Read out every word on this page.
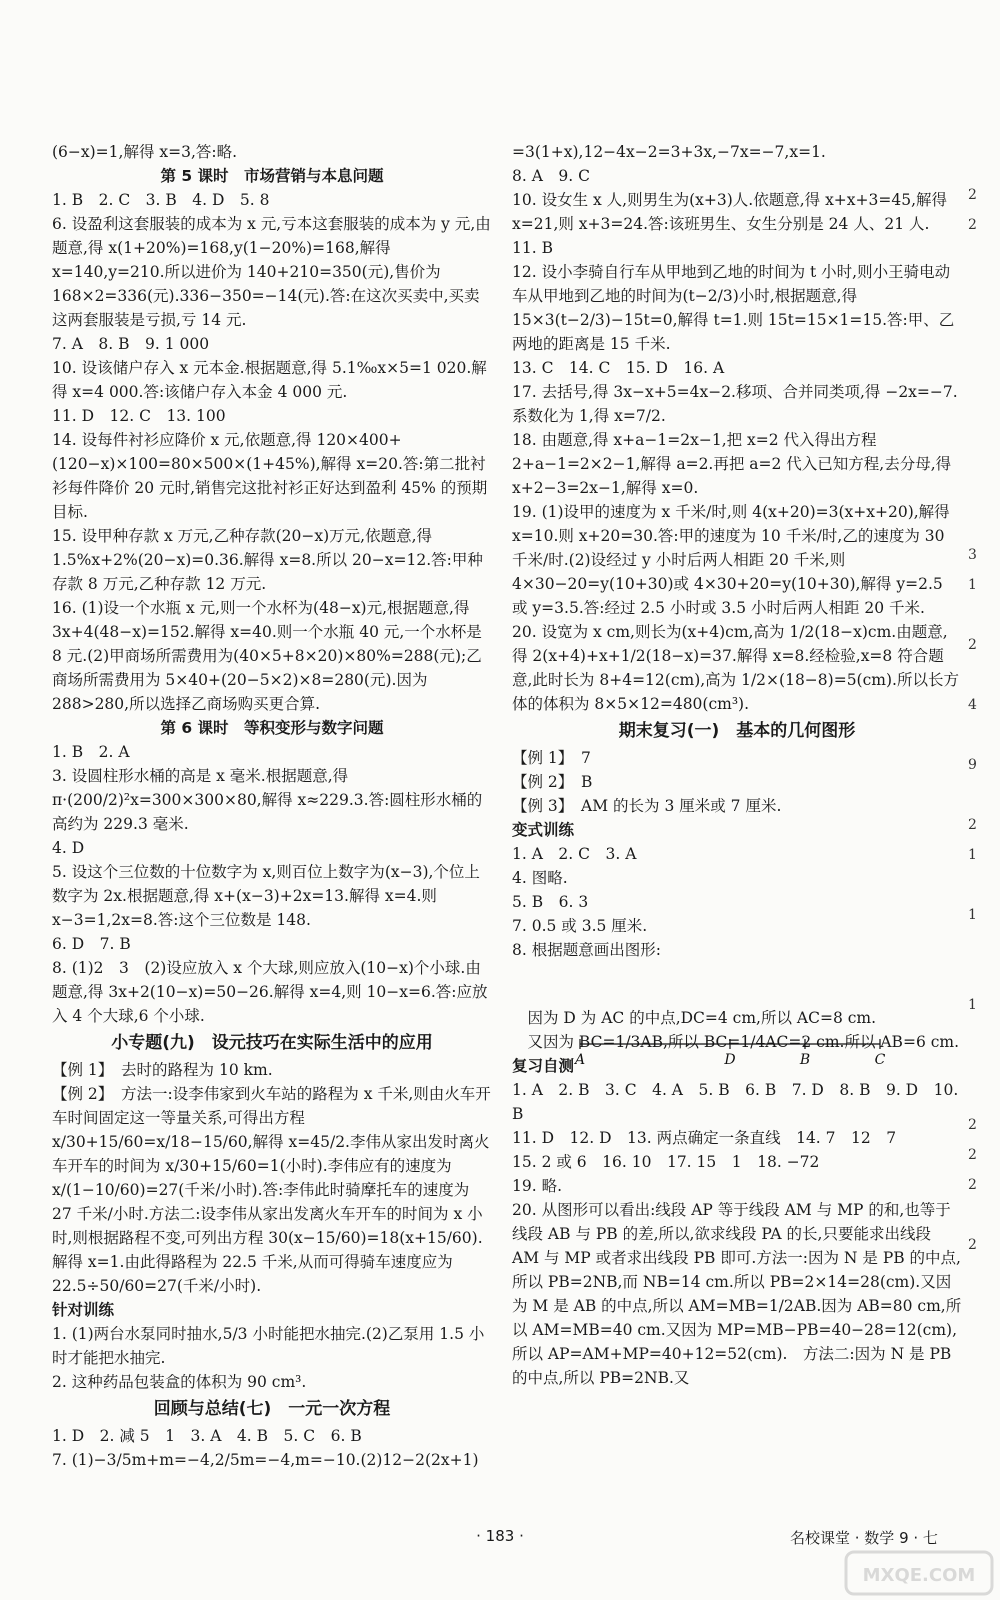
(6−x)=1,解得 x=3,答:略.

第 5 课时　市场营销与本息问题

1. B　2. C　3. B　4. D　5. 8

6. 设盈利这套服装的成本为 x 元,亏本这套服装的成本为 y 元,由题意,得 x(1+20%)=168,y(1−20%)=168,解得 x=140,y=210.所以进价为 140+210=350(元),售价为 168×2=336(元).336−350=−14(元).答:在这次买卖中,买卖这两套服装是亏损,亏 14 元.

7. A　8. B　9. 1 000

10. 设该储户存入 x 元本金.根据题意,得 5.1‰x×5=1 020.解得 x=4 000.答:该储户存入本金 4 000 元.

11. D　12. C　13. 100

14. 设每件衬衫应降价 x 元,依题意,得 120×400+(120−x)×100=80×500×(1+45%),解得 x=20.答:第二批衬衫每件降价 20 元时,销售完这批衬衫正好达到盈利 45% 的预期目标.

15. 设甲种存款 x 万元,乙种存款(20−x)万元,依题意,得 1.5%x+2%(20−x)=0.36.解得 x=8.所以 20−x=12.答:甲种存款 8 万元,乙种存款 12 万元.

16. (1)设一个水瓶 x 元,则一个水杯为(48−x)元,根据题意,得 3x+4(48−x)=152.解得 x=40.则一个水瓶 40 元,一个水杯是 8 元.(2)甲商场所需费用为(40×5+8×20)×80%=288(元);乙商场所需费用为 5×40+(20−5×2)×8=280(元).因为 288>280,所以选择乙商场购买更合算.

第 6 课时　等积变形与数字问题

1. B　2. A

3. 设圆柱形水桶的高是 x 毫米.根据题意,得 π·(200/2)²x=300×300×80,解得 x≈229.3.答:圆柱形水桶的高约为 229.3 毫米.

4. D

5. 设这个三位数的十位数字为 x,则百位上数字为(x−3),个位上数字为 2x.根据题意,得 x+(x−3)+2x=13.解得 x=4.则 x−3=1,2x=8.答:这个三位数是 148.

6. D　7. B

8. (1)2　3　(2)设应放入 x 个大球,则应放入(10−x)个小球.由题意,得 3x+2(10−x)=50−26.解得 x=4,则 10−x=6.答:应放入 4 个大球,6 个小球.

小专题(九)　设元技巧在实际生活中的应用

【例 1】　去时的路程为 10 km.

【例 2】　方法一:设李伟家到火车站的路程为 x 千米,则由火车开车时间固定这一等量关系,可得出方程 x/30+15/60=x/18−15/60,解得 x=45/2.李伟从家出发时离火车开车的时间为 x/30+15/60=1(小时).李伟应有的速度为 x/(1−10/60)=27(千米/小时).答:李伟此时骑摩托车的速度为 27 千米/小时.方法二:设李伟从家出发离火车开车的时间为 x 小时,则根据路程不变,可列出方程 30(x−15/60)=18(x+15/60).解得 x=1.由此得路程为 22.5 千米,从而可得骑车速度应为 22.5÷50/60=27(千米/小时).

针对训练

1. (1)两台水泵同时抽水,5/3 小时能把水抽完.(2)乙泵用 1.5 小时才能把水抽完.

2. 这种药品包装盒的体积为 90 cm³.

回顾与总结(七)　一元一次方程

1. D　2. 减 5　1　3. A　4. B　5. C　6. B

7. (1)−3/5m+m=−4,2/5m=−4,m=−10.(2)12−2(2x+1)

=3(1+x),12−4x−2=3+3x,−7x=−7,x=1.

8. A　9. C

10. 设女生 x 人,则男生为(x+3)人.依题意,得 x+x+3=45,解得 x=21,则 x+3=24.答:该班男生、女生分别是 24 人、21 人.

11. B

12. 设小李骑自行车从甲地到乙地的时间为 t 小时,则小王骑电动车从甲地到乙地的时间为(t−2/3)小时,根据题意,得 15×3(t−2/3)−15t=0,解得 t=1.则 15t=15×1=15.答:甲、乙两地的距离是 15 千米.

13. C　14. C　15. D　16. A

17. 去括号,得 3x−x+5=4x−2.移项、合并同类项,得 −2x=−7.系数化为 1,得 x=7/2.

18. 由题意,得 x+a−1=2x−1,把 x=2 代入得出方程 2+a−1=2×2−1,解得 a=2.再把 a=2 代入已知方程,去分母,得 x+2−3=2x−1,解得 x=0.

19. (1)设甲的速度为 x 千米/时,则 4(x+20)=3(x+x+20),解得 x=10.则 x+20=30.答:甲的速度为 10 千米/时,乙的速度为 30 千米/时.(2)设经过 y 小时后两人相距 20 千米,则 4×30−20=y(10+30)或 4×30+20=y(10+30),解得 y=2.5 或 y=3.5.答:经过 2.5 小时或 3.5 小时后两人相距 20 千米.

20. 设宽为 x cm,则长为(x+4)cm,高为 1/2(18−x)cm.由题意,得 2(x+4)+x+1/2(18−x)=37.解得 x=8.经检验,x=8 符合题意,此时长为 8+4=12(cm),高为 1/2×(18−8)=5(cm).所以长方体的体积为 8×5×12=480(cm³).

期末复习(一)　基本的几何图形

【例 1】　7

【例 2】　B

【例 3】　AM 的长为 3 厘米或 7 厘米.

变式训练

1. A　2. C　3. A

4. 图略.

5. B　6. 3

7. 0.5 或 3.5 厘米.

8. 根据题意画出图形:

　因为 D 为 AC 的中点,DC=4 cm,所以 AC=8 cm.

　又因为 BC=1/3AB,所以 BC=1/4AC=2 cm.所以 AB=6 cm.

复习自测

1. A　2. B　3. C　4. A　5. B　6. B　7. D　8. B　9. D　10. B

11. D　12. D　13. 两点确定一条直线　14. 7　12　7

15. 2 或 6　16. 10　17. 15　1　18. −72

19. 略.

20. 从图形可以看出:线段 AP 等于线段 AM 与 MP 的和,也等于线段 AB 与 PB 的差,所以,欲求线段 PA 的长,只要能求出线段 AM 与 MP 或者求出线段 PB 即可.方法一:因为 N 是 PB 的中点,所以 PB=2NB,而 NB=14 cm.所以 PB=2×14=28(cm).又因为 M 是 AB 的中点,所以 AM=MB=1/2AB.因为 AB=80 cm,所以 AM=MB=40 cm.又因为 MP=MB−PB=40−28=12(cm),所以 AP=AM+MP=40+12=52(cm).　方法二:因为 N 是 PB 的中点,所以 PB=2NB.又

2
2

3
1

2

4

9

2
1

1

1

2
2
2

2

A	D	B	C
· 183 ·	名校课堂 · 数学 9 · 七
MXQE.COM
